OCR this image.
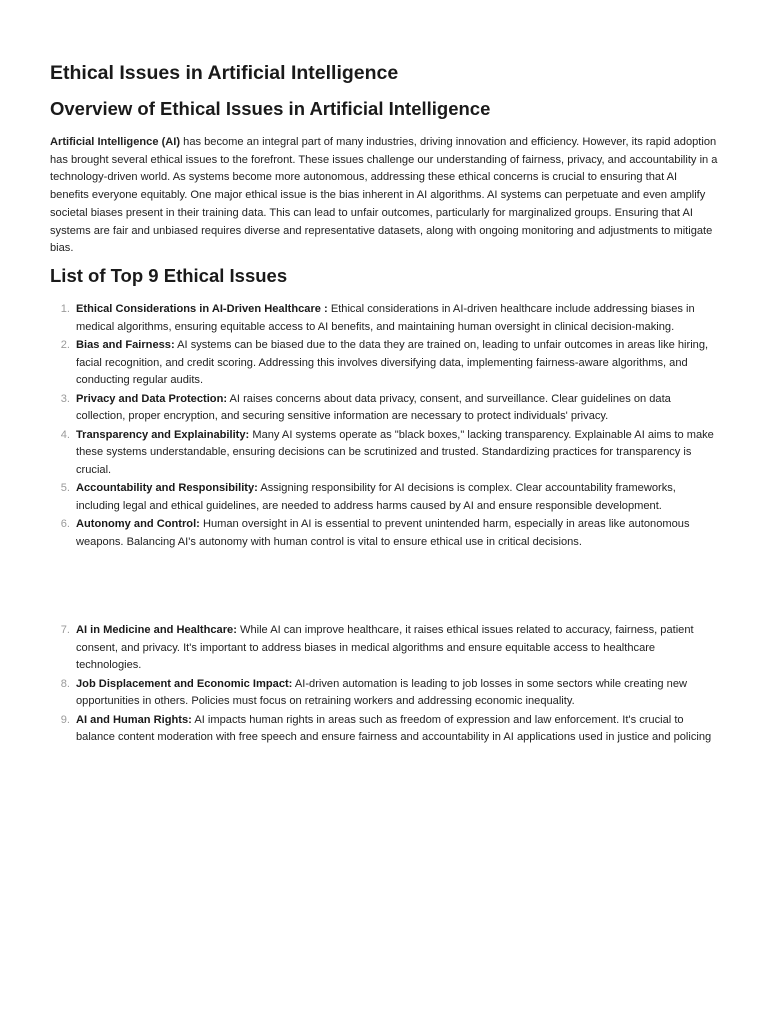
Ethical Issues in Artificial Intelligence
Overview of Ethical Issues in Artificial Intelligence

Artificial Intelligence (AI) has become an integral part of many industries, driving innovation and efficiency. However, its rapid adoption has brought several ethical issues to the forefront. These issues challenge our understanding of fairness, privacy, and accountability in a technology-driven world. As systems become more autonomous, addressing these ethical concerns is crucial to ensuring that AI benefits everyone equitably. One major ethical issue is the bias inherent in AI algorithms. AI systems can perpetuate and even amplify societal biases present in their training data. This can lead to unfair outcomes, particularly for marginalized groups. Ensuring that AI systems are fair and unbiased requires diverse and representative datasets, along with ongoing monitoring and adjustments to mitigate bias.

List of Top 9 Ethical Issues
1. Ethical Considerations in AI-Driven Healthcare : Ethical considerations in AI-driven healthcare include addressing biases in medical algorithms, ensuring equitable access to AI benefits, and maintaining human oversight in clinical decision-making.
2. Bias and Fairness: AI systems can be biased due to the data they are trained on, leading to unfair outcomes in areas like hiring, facial recognition, and credit scoring. Addressing this involves diversifying data, implementing fairness-aware algorithms, and conducting regular audits.
3. Privacy and Data Protection: AI raises concerns about data privacy, consent, and surveillance. Clear guidelines on data collection, proper encryption, and securing sensitive information are necessary to protect individuals' privacy.
4. Transparency and Explainability: Many AI systems operate as "black boxes," lacking transparency. Explainable AI aims to make these systems understandable, ensuring decisions can be scrutinized and trusted. Standardizing practices for transparency is crucial.
5. Accountability and Responsibility: Assigning responsibility for AI decisions is complex. Clear accountability frameworks, including legal and ethical guidelines, are needed to address harms caused by AI and ensure responsible development.
6. Autonomy and Control: Human oversight in AI is essential to prevent unintended harm, especially in areas like autonomous weapons. Balancing AI's autonomy with human control is vital to ensure ethical use in critical decisions.
7. AI in Medicine and Healthcare: While AI can improve healthcare, it raises ethical issues related to accuracy, fairness, patient consent, and privacy. It's important to address biases in medical algorithms and ensure equitable access to healthcare technologies.
8. Job Displacement and Economic Impact: AI-driven automation is leading to job losses in some sectors while creating new opportunities in others. Policies must focus on retraining workers and addressing economic inequality.
9. AI and Human Rights: AI impacts human rights in areas such as freedom of expression and law enforcement. It's crucial to balance content moderation with free speech and ensure fairness and accountability in AI applications used in justice and policing
